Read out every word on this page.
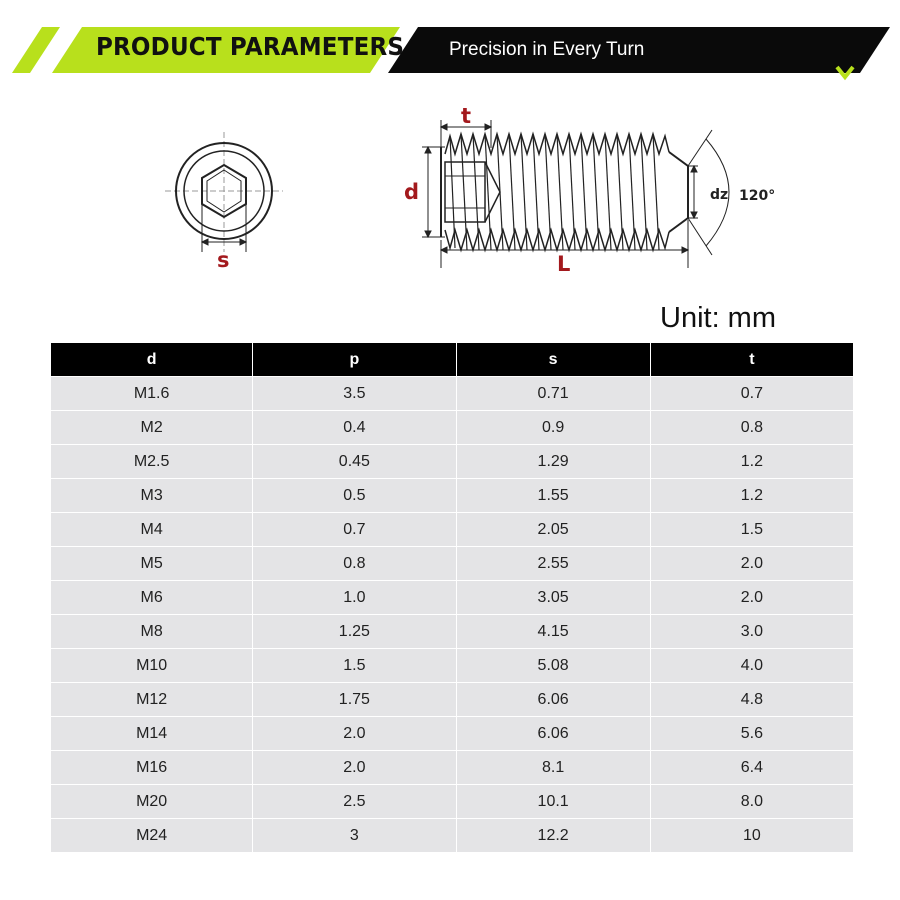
PRODUCT PARAMETERS Precision in Every Turn
s
t
d
L
dz 120°
Unit: mm
d	p	s	t
M1.6	3.5	0.71	0.7
M2	0.4	0.9	0.8
M2.5	0.45	1.29	1.2
M3	0.5	1.55	1.2
M4	0.7	2.05	1.5
M5	0.8	2.55	2.0
M6	1.0	3.05	2.0
M8	1.25	4.15	3.0
M10	1.5	5.08	4.0
M12	1.75	6.06	4.8
M14	2.0	6.06	5.6
M16	2.0	8.1	6.4
M20	2.5	10.1	8.0
M24	3	12.2	10
